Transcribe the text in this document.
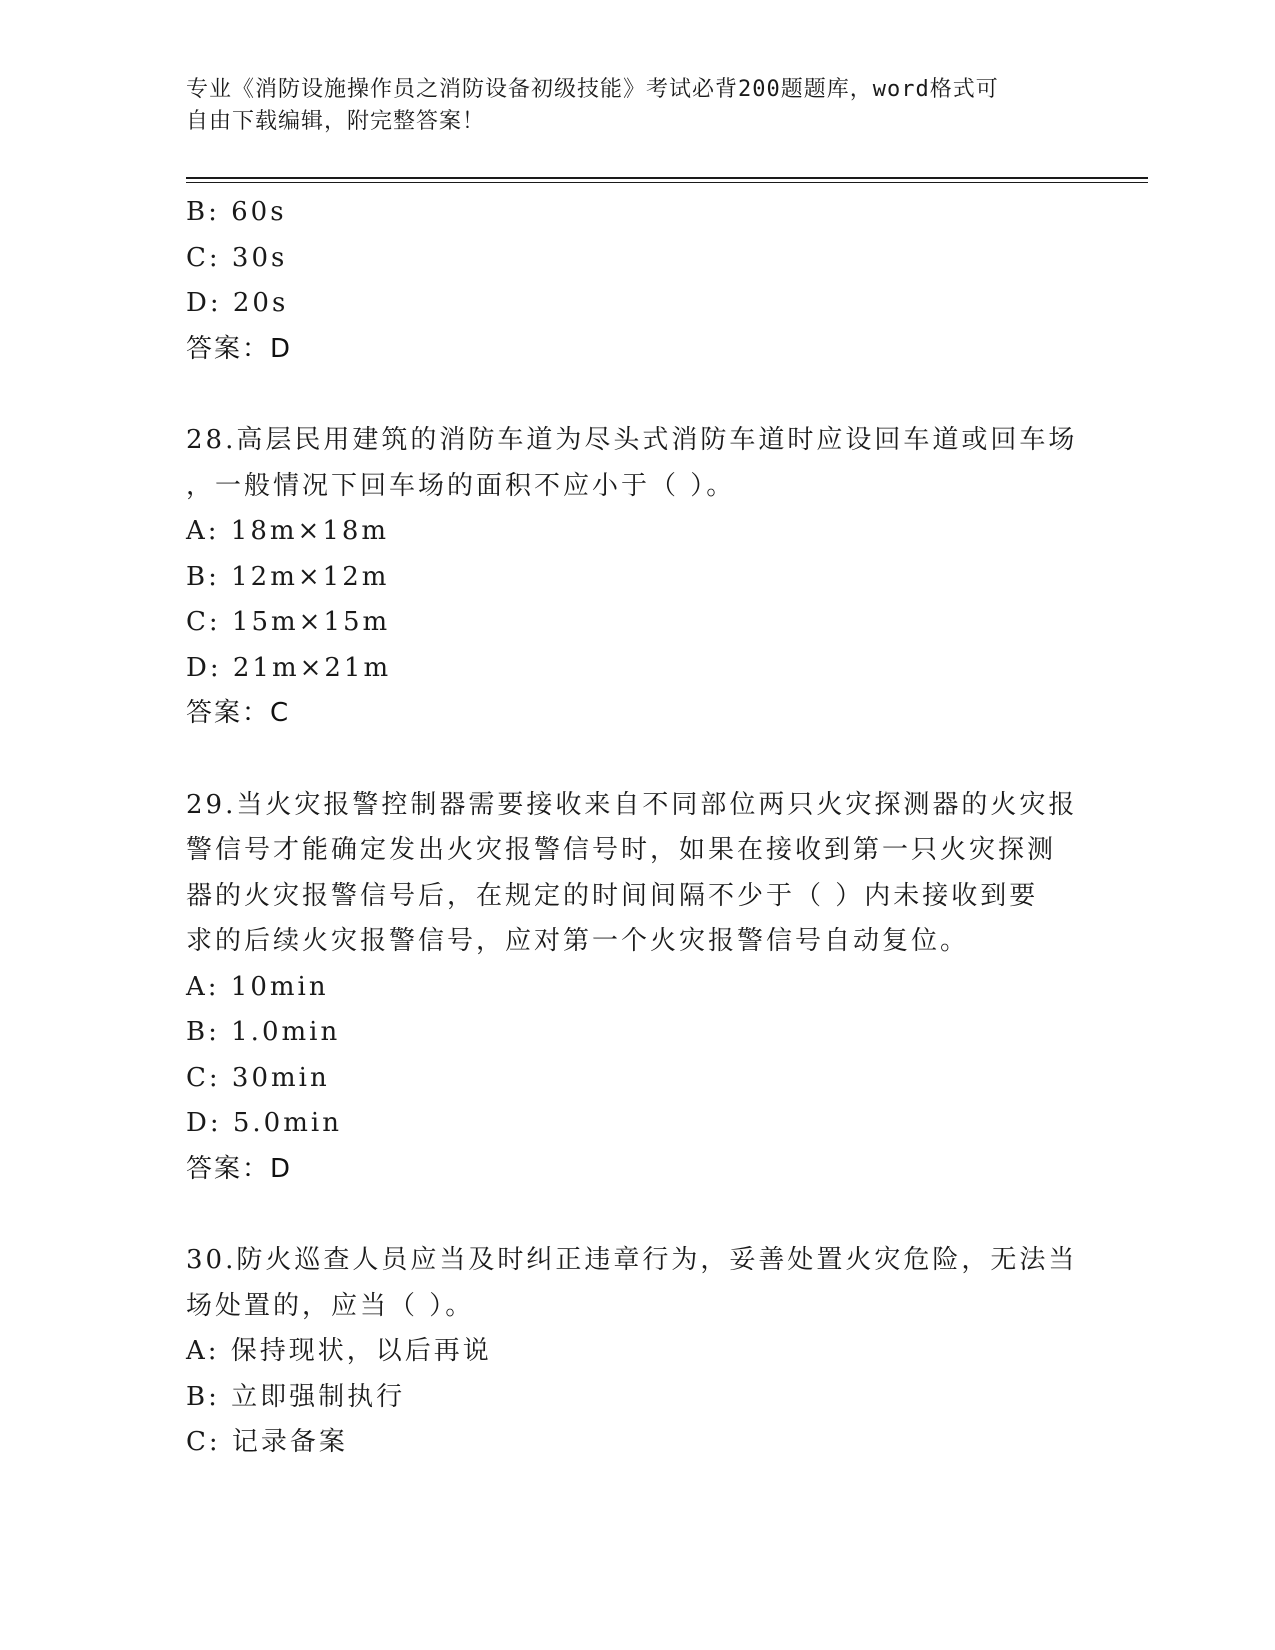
专业《消防设施操作员之消防设备初级技能》考试必背200题题库，word格式可
自由下载编辑，附完整答案！
B: 60s
C: 30s
D: 20s
答案：D
28.高层民用建筑的消防车道为尽头式消防车道时应设回车道或回车场
，一般情况下回车场的面积不应小于（ ）。
A: 18m×18m
B: 12m×12m
C: 15m×15m
D: 21m×21m
答案：C
29.当火灾报警控制器需要接收来自不同部位两只火灾探测器的火灾报
警信号才能确定发出火灾报警信号时，如果在接收到第一只火灾探测
器的火灾报警信号后，在规定的时间间隔不少于（ ）内未接收到要
求的后续火灾报警信号，应对第一个火灾报警信号自动复位。
A: 10min
B: 1.0min
C: 30min
D: 5.0min
答案：D
30.防火巡查人员应当及时纠正违章行为，妥善处置火灾危险，无法当
场处置的，应当（ ）。
A: 保持现状，以后再说
B: 立即强制执行
C: 记录备案
